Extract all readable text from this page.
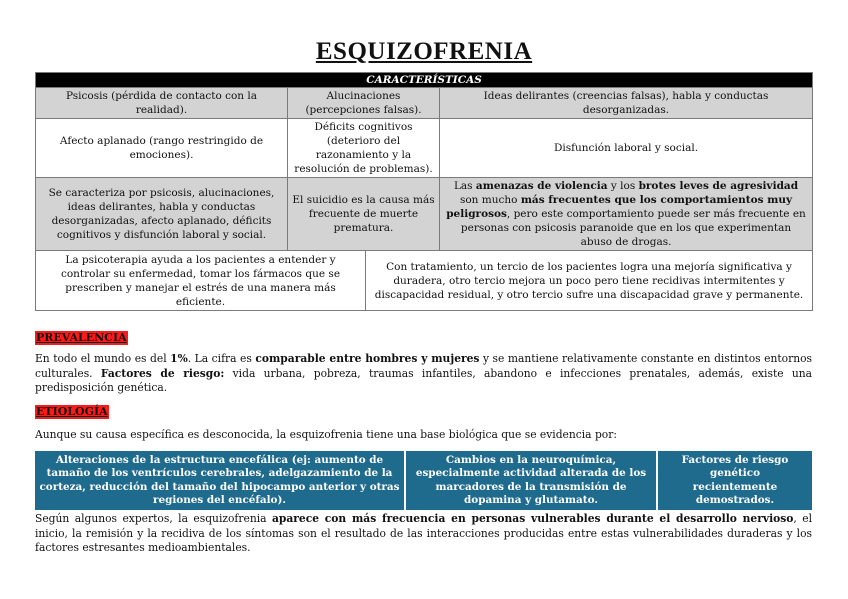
ESQUIZOFRENIA
CARACTERÍSTICAS			
Psicosis (pérdida de contacto con la realidad).	Alucinaciones (percepciones falsas).		Ideas delirantes (creencias falsas), habla y conductas desorganizadas.
Afecto aplanado (rango restringido de emociones).	Déficits cognitivos (deterioro del razonamiento y la resolución de problemas).		Disfunción laboral y social.
Se caracteriza por psicosis, alucinaciones, ideas delirantes, habla y conductas desorganizadas, afecto aplanado, déficits cognitivos y disfunción laboral y social.	El suicidio es la causa más frecuente de muerte prematura.		Las amenazas de violencia y los brotes leves de agresividad son mucho más frecuentes que los comportamientos muy peligrosos, pero este comportamiento puede ser más frecuente en personas con psicosis paranoide que en los que experimentan abuso de drogas.
La psicoterapia ayuda a los pacientes a entender y controlar su enfermedad, tomar los fármacos que se prescriben y manejar el estrés de una manera más eficiente.		Con tratamiento, un tercio de los pacientes logra una mejoría significativa y duradera, otro tercio mejora un poco pero tiene recidivas intermitentes y discapacidad residual, y otro tercio sufre una discapacidad grave y permanente.	
PREVALENCIA
En todo el mundo es del 1%. La cifra es comparable entre hombres y mujeres y se mantiene relativamente constante en distintos entornos culturales. Factores de riesgo: vida urbana, pobreza, traumas infantiles, abandono e infecciones prenatales, además, existe una predisposición genética.
ETIOLOGÍA
Aunque su causa específica es desconocida, la esquizofrenia tiene una base biológica que se evidencia por:
Alteraciones de la estructura encefálica (ej: aumento de tamaño de los ventrículos cerebrales, adelgazamiento de la corteza, reducción del tamaño del hipocampo anterior y otras regiones del encéfalo).
Cambios en la neuroquímica, especialmente actividad alterada de los marcadores de la transmisión de dopamina y glutamato.
Factores de riesgo genético recientemente demostrados.
Según algunos expertos, la esquizofrenia aparece con más frecuencia en personas vulnerables durante el desarrollo nervioso, el inicio, la remisión y la recidiva de los síntomas son el resultado de las interacciones producidas entre estas vulnerabilidades duraderas y los factores estresantes medioambientales.
